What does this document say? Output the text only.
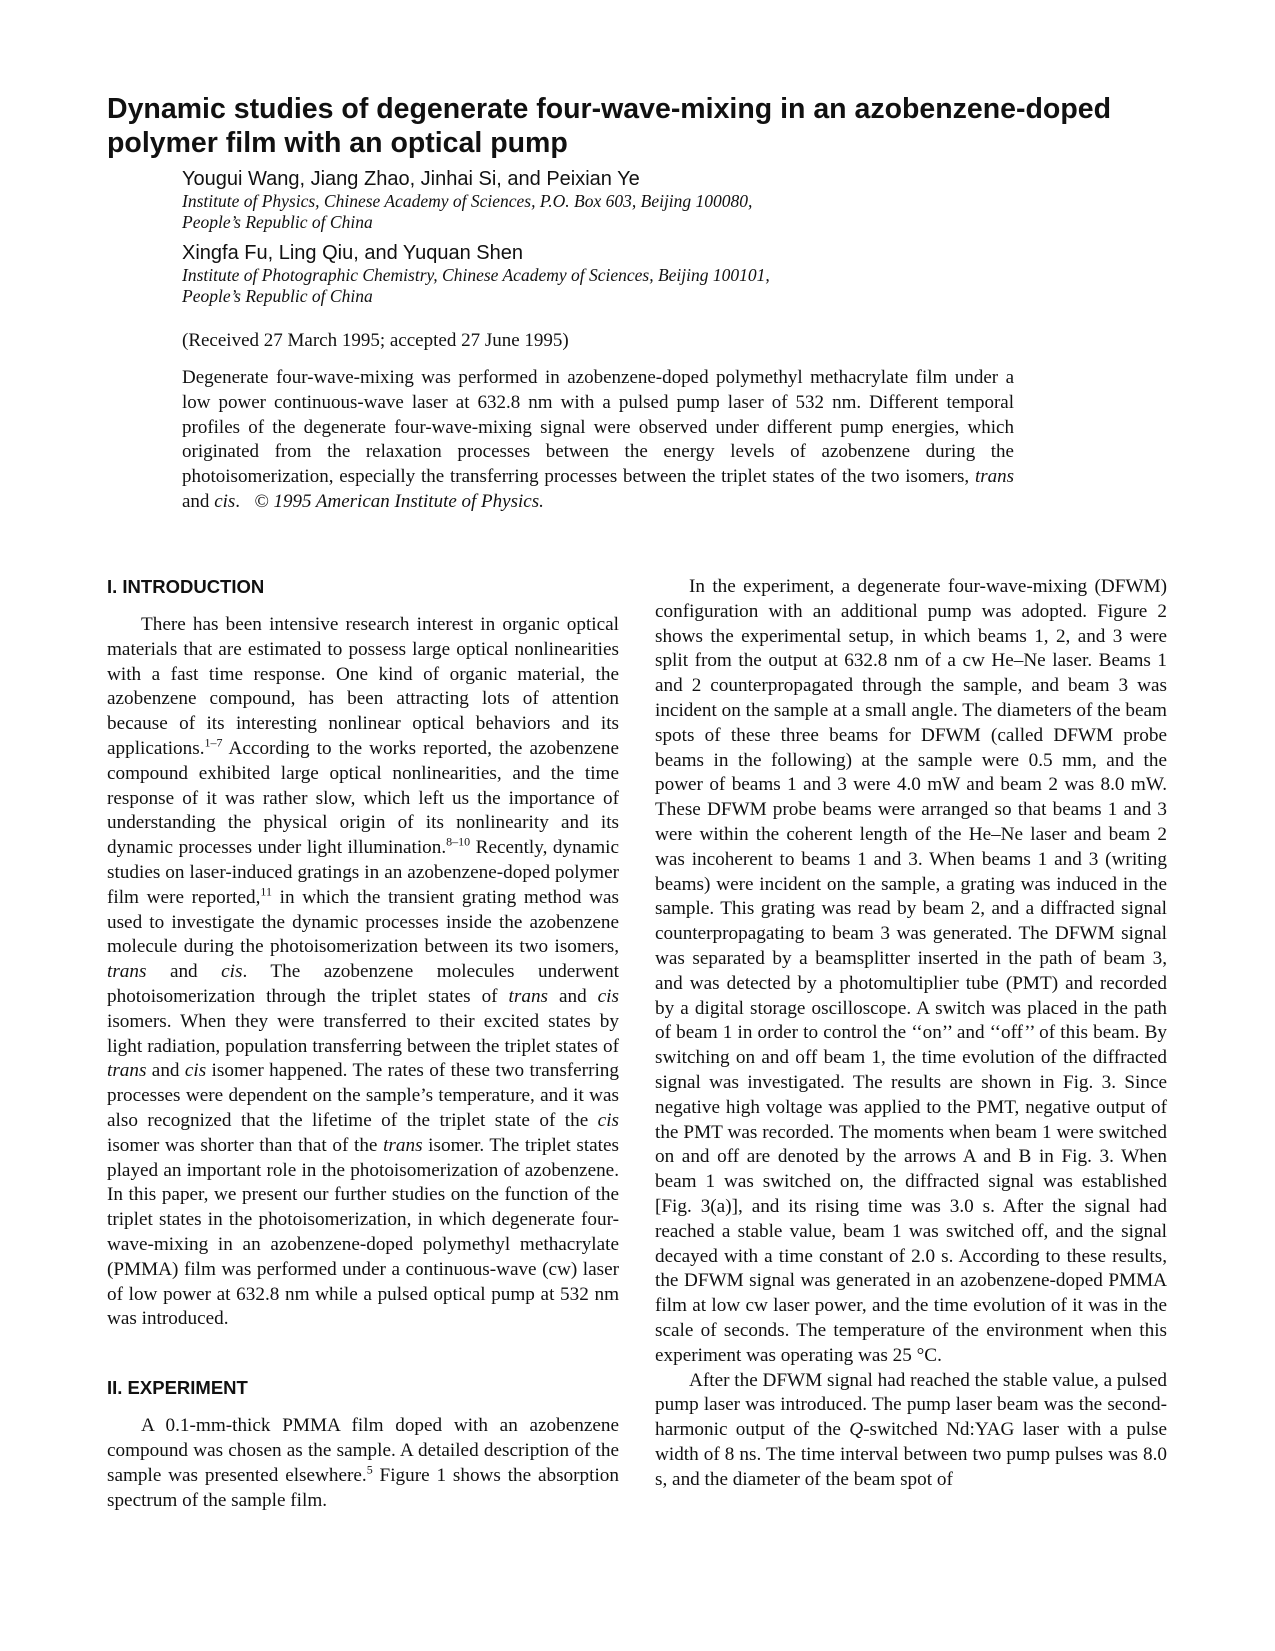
Dynamic studies of degenerate four-wave-mixing in an azobenzene-doped polymer film with an optical pump

Yougui Wang, Jiang Zhao, Jinhai Si, and Peixian Ye

Institute of Physics, Chinese Academy of Sciences, P.O. Box 603, Beijing 100080,

People’s Republic of China

Xingfa Fu, Ling Qiu, and Yuquan Shen

Institute of Photographic Chemistry, Chinese Academy of Sciences, Beijing 100101,

People’s Republic of China

(Received 27 March 1995; accepted 27 June 1995)

Degenerate four-wave-mixing was performed in azobenzene-doped polymethyl methacrylate film under a low power continuous-wave laser at 632.8 nm with a pulsed pump laser of 532 nm. Different temporal profiles of the degenerate four-wave-mixing signal were observed under different pump energies, which originated from the relaxation processes between the energy levels of azobenzene during the photoisomerization, especially the transferring processes between the triplet states of the two isomers, trans and cis.   © 1995 American Institute of Physics.

I. INTRODUCTION

There has been intensive research interest in organic optical materials that are estimated to possess large optical nonlinearities with a fast time response. One kind of organic material, the azobenzene compound, has been attracting lots of attention because of its interesting nonlinear optical behaviors and its applications.$^{1-7}$ According to the works reported, the azobenzene compound exhibited large optical nonlinearities, and the time response of it was rather slow, which left us the importance of understanding the physical origin of its nonlinearity and its dynamic processes under light illumination.$^{8-10}$ Recently, dynamic studies on laser-induced gratings in an azobenzene-doped polymer film were reported,$^{11}$ in which the transient grating method was used to investigate the dynamic processes inside the azobenzene molecule during the photoisomerization between its two isomers, trans and cis. The azobenzene molecules underwent photoisomerization through the triplet states of trans and cis isomers. When they were transferred to their excited states by light radiation, population transferring between the triplet states of trans and cis isomer happened. The rates of these two transferring processes were dependent on the sample’s temperature, and it was also recognized that the lifetime of the triplet state of the cis isomer was shorter than that of the trans isomer. The triplet states played an important role in the photoisomerization of azobenzene. In this paper, we present our further studies on the function of the triplet states in the photoisomerization, in which degenerate four-wave-mixing in an azobenzene-doped polymethyl methacrylate (PMMA) film was performed under a continuous-wave (cw) laser of low power at 632.8 nm while a pulsed optical pump at 532 nm was introduced.

II. EXPERIMENT

A 0.1-mm-thick PMMA film doped with an azobenzene compound was chosen as the sample. A detailed description of the sample was presented elsewhere.$^5$ Figure 1 shows the absorption spectrum of the sample film.

In the experiment, a degenerate four-wave-mixing (DFWM) configuration with an additional pump was adopted. Figure 2 shows the experimental setup, in which beams 1, 2, and 3 were split from the output at 632.8 nm of a cw He–Ne laser. Beams 1 and 2 counterpropagated through the sample, and beam 3 was incident on the sample at a small angle. The diameters of the beam spots of these three beams for DFWM (called DFWM probe beams in the following) at the sample were 0.5 mm, and the power of beams 1 and 3 were 4.0 mW and beam 2 was 8.0 mW. These DFWM probe beams were arranged so that beams 1 and 3 were within the coherent length of the He–Ne laser and beam 2 was incoherent to beams 1 and 3. When beams 1 and 3 (writing beams) were incident on the sample, a grating was induced in the sample. This grating was read by beam 2, and a diffracted signal counterpropagating to beam 3 was generated. The DFWM signal was separated by a beamsplitter inserted in the path of beam 3, and was detected by a photomultiplier tube (PMT) and recorded by a digital storage oscilloscope. A switch was placed in the path of beam 1 in order to control the ‘‘on’’ and ‘‘off’’ of this beam. By switching on and off beam 1, the time evolution of the diffracted signal was investigated. The results are shown in Fig. 3. Since negative high voltage was applied to the PMT, negative output of the PMT was recorded. The moments when beam 1 were switched on and off are denoted by the arrows A and B in Fig. 3. When beam 1 was switched on, the diffracted signal was established [Fig. 3(a)], and its rising time was 3.0 s. After the signal had reached a stable value, beam 1 was switched off, and the signal decayed with a time constant of 2.0 s. According to these results, the DFWM signal was generated in an azobenzene-doped PMMA film at low cw laser power, and the time evolution of it was in the scale of seconds. The temperature of the environment when this experiment was operating was 25 °C.

After the DFWM signal had reached the stable value, a pulsed pump laser was introduced. The pump laser beam was the second-harmonic output of the Q-switched Nd:YAG laser with a pulse width of 8 ns. The time interval between two pump pulses was 8.0 s, and the diameter of the beam spot of
